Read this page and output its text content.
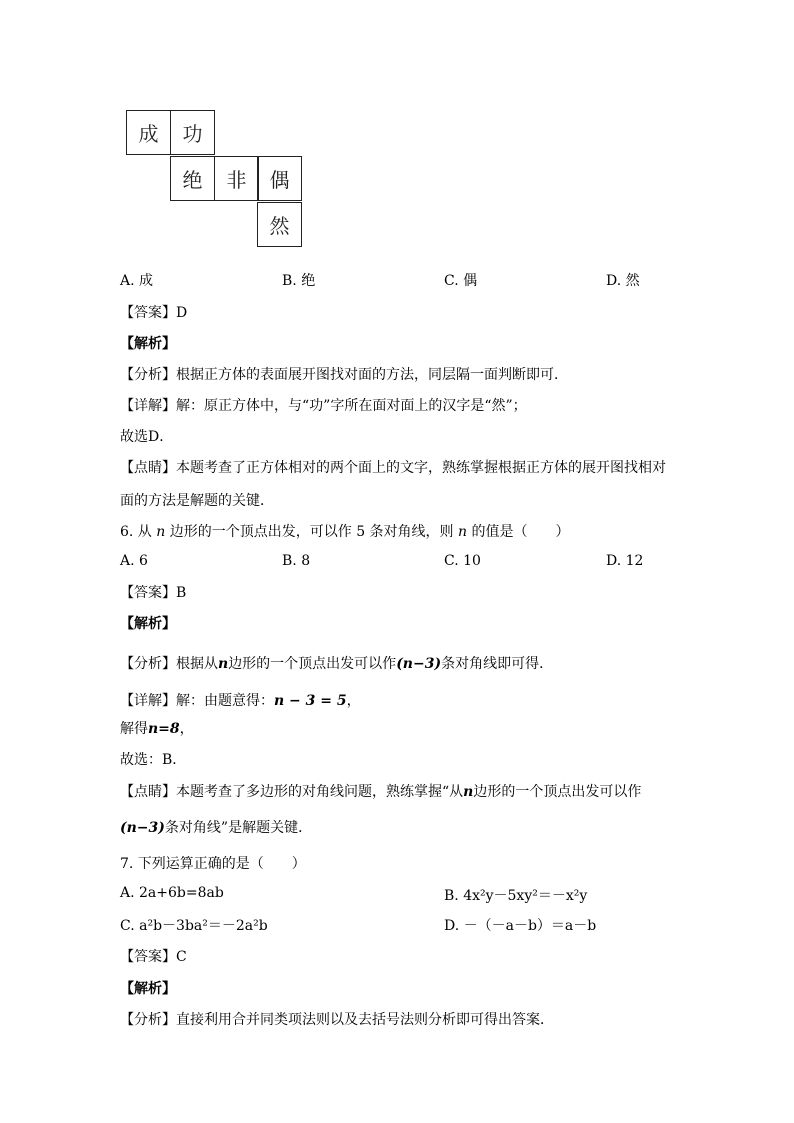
成	功
绝	非	偶
然
A. 成	B. 绝	C. 偶	D. 然
【答案】D
【解析】
【分析】根据正方体的表面展开图找对面的方法，同层隔一面判断即可．
【详解】解：原正方体中，与“功”字所在面对面上的汉字是“然”；
故选D．
【点睛】本题考查了正方体相对的两个面上的文字，熟练掌握根据正方体的展开图找相对
面的方法是解题的关键．
6. 从 n 边形的一个顶点出发，可以作 5 条对角线，则 n 的值是（　　）
A. 6	B. 8	C. 10	D. 12
【答案】B
【解析】
【分析】根据从n边形的一个顶点出发可以作(n−3)条对角线即可得．
【详解】解：由题意得：n − 3 = 5，
解得n=8，
故选：B．
【点睛】本题考查了多边形的对角线问题，熟练掌握“从n边形的一个顶点出发可以作
(n−3)条对角线”是解题关键．
7. 下列运算正确的是（　　）
A. 2a+6b=8ab	B. 4x²y－5xy²＝－x²y
C. a²b－3ba²＝－2a²b	D. －（－a－b）＝a－b
【答案】C
【解析】
【分析】直接利用合并同类项法则以及去括号法则分析即可得出答案．
